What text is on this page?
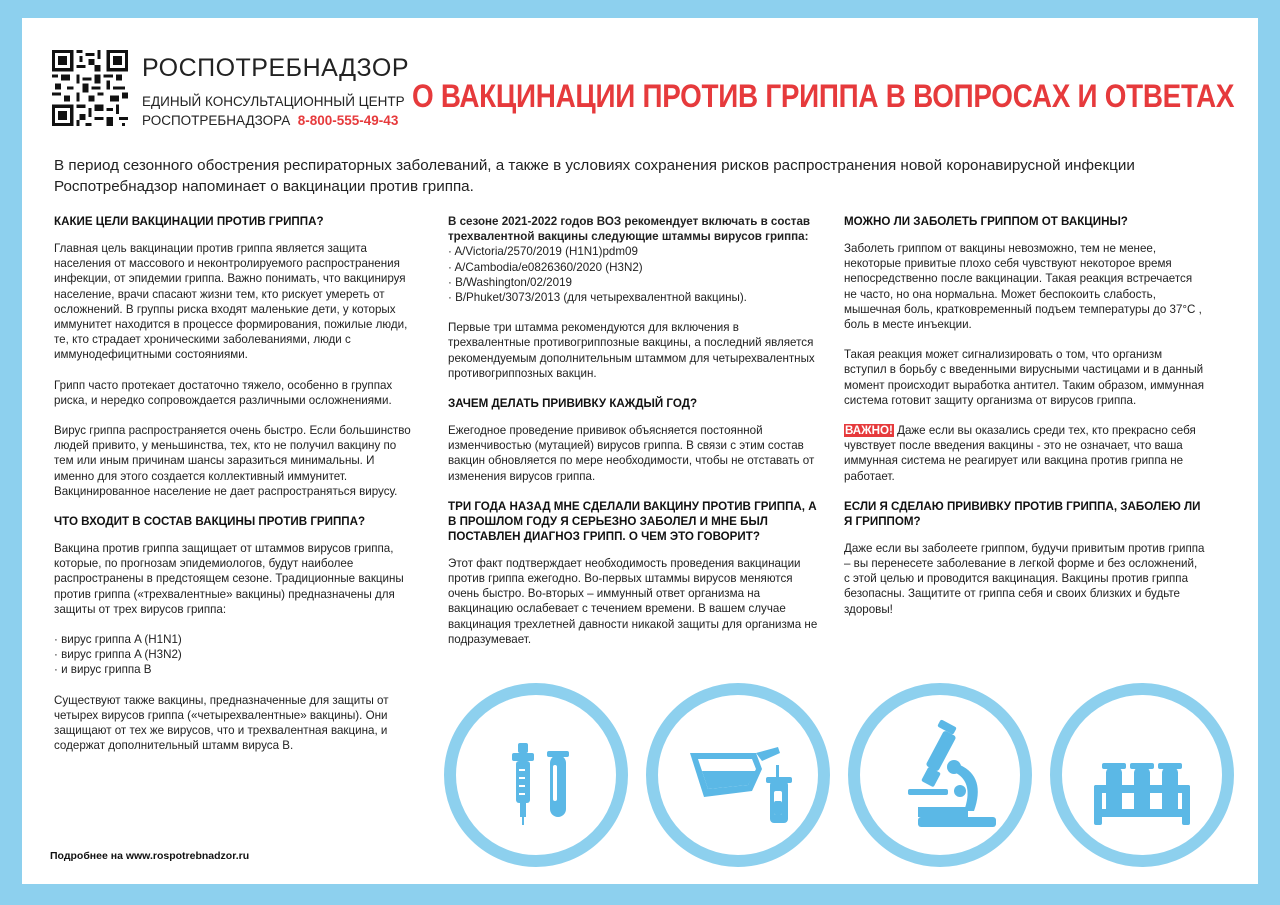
РОСПОТРЕБНАДЗОР
ЕДИНЫЙ КОНСУЛЬТАЦИОННЫЙ ЦЕНТР
РОСПОТРЕБНАДЗОРА 8-800-555-49-43
О ВАКЦИНАЦИИ ПРОТИВ ГРИППА В ВОПРОСАХ И ОТВЕТАХ
В период сезонного обострения респираторных заболеваний, а также в условиях сохранения рисков распространения новой коронавирусной инфекции Роспотребнадзор напоминает о вакцинации против гриппа.
КАКИЕ ЦЕЛИ ВАКЦИНАЦИИ ПРОТИВ ГРИППА?

Главная цель вакцинации против гриппа является защита населения от массового и неконтролируемого распространения инфекции, от эпидемии гриппа. Важно понимать, что вакцинируя население, врачи спасают жизни тем, кто рискует умереть от осложнений. В группы риска входят маленькие дети, у которых иммунитет находится в процессе формирования, пожилые люди, те, кто страдает хроническими заболеваниями, люди с иммунодефицитными состояниями.

Грипп часто протекает достаточно тяжело, особенно в группах риска, и нередко сопровождается различными осложнениями.

Вирус гриппа распространяется очень быстро. Если большинство людей привито, у меньшинства, тех, кто не получил вакцину по тем или иным причинам шансы заразиться минимальны. И именно для этого создается коллективный иммунитет. Вакцинированное население не дает распространяться вирусу.

ЧТО ВХОДИТ В СОСТАВ ВАКЦИНЫ ПРОТИВ ГРИППА?

Вакцина против гриппа защищает от штаммов вирусов гриппа, которые, по прогнозам эпидемиологов, будут наиболее распространены в предстоящем сезоне. Традиционные вакцины против гриппа («трехвалентные» вакцины) предназначены для защиты от трех вирусов гриппа:

· вирус гриппа A (H1N1)
· вирус гриппа A (H3N2)
· и вирус гриппа B

Существуют также вакцины, предназначенные для защиты от четырех вирусов гриппа («четырехвалентные» вакцины). Они защищают от тех же вирусов, что и трехвалентная вакцина, и содержат дополнительный штамм вируса B.

В сезоне 2021-2022 годов ВОЗ рекомендует включать в состав трехвалентной вакцины следующие штаммы вирусов гриппа:
· A/Victoria/2570/2019 (H1N1)pdm09
· A/Cambodia/e0826360/2020 (H3N2)
· B/Washington/02/2019
· B/Phuket/3073/2013 (для четырехвалентной вакцины).

Первые три штамма рекомендуются для включения в трехвалентные противогриппозные вакцины, а последний является рекомендуемым дополнительным штаммом для четырехвалентных противогриппозных вакцин.

ЗАЧЕМ ДЕЛАТЬ ПРИВИВКУ КАЖДЫЙ ГОД?

Ежегодное проведение прививок объясняется постоянной изменчивостью (мутацией) вирусов гриппа. В связи с этим состав вакцин обновляется по мере необходимости, чтобы не отставать от изменения вирусов гриппа.

ТРИ ГОДА НАЗАД МНЕ СДЕЛАЛИ ВАКЦИНУ ПРОТИВ ГРИППА, А В ПРОШЛОМ ГОДУ Я СЕРЬЕЗНО ЗАБОЛЕЛ И МНЕ БЫЛ ПОСТАВЛЕН ДИАГНОЗ ГРИПП. О ЧЕМ ЭТО ГОВОРИТ?

Этот факт подтверждает необходимость проведения вакцинации против гриппа ежегодно. Во-первых штаммы вирусов меняются очень быстро. Во-вторых – иммунный ответ организма на вакцинацию ослабевает с течением времени. В вашем случае вакцинация трехлетней давности никакой защиты для организма не подразумевает.

МОЖНО ЛИ ЗАБОЛЕТЬ ГРИППОМ ОТ ВАКЦИНЫ?

Заболеть гриппом от вакцины невозможно, тем не менее, некоторые привитые плохо себя чувствуют некоторое время непосредственно после вакцинации. Такая реакция встречается не часто, но она нормальна. Может беспокоить слабость, мышечная боль, кратковременный подъем температуры до 37°С , боль в месте инъекции.

Такая реакция может сигнализировать о том, что организм вступил в борьбу с введенными вирусными частицами и в данный момент происходит выработка антител. Таким образом, иммунная система готовит защиту организма от вирусов гриппа.

ВАЖНО! Даже если вы оказались среди тех, кто прекрасно себя чувствует после введения вакцины - это не означает, что ваша иммунная система не реагирует или вакцина против гриппа не работает.

ЕСЛИ Я СДЕЛАЮ ПРИВИВКУ ПРОТИВ ГРИППА, ЗАБОЛЕЮ ЛИ Я ГРИППОМ?

Даже если вы заболеете гриппом, будучи привитым против гриппа – вы перенесете заболевание в легкой форме и без осложнений, с этой целью и проводится вакцинация. Вакцины против гриппа безопасны. Защитите от гриппа себя и своих близких и будьте здоровы!

Подробнее на www.rospotrebnadzor.ru
